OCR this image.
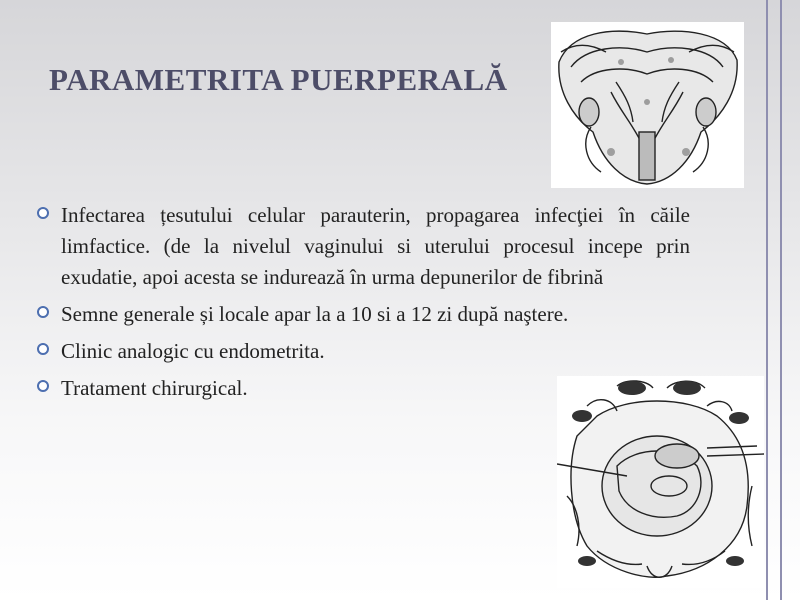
PARAMETRITA PUERPERALĂ
Infectarea țesutului celular parauterin, propagarea infecţiei în căile limfactice. (de la nivelul vaginului si uterului procesul incepe prin exudatie, apoi acesta se indurează în urma depunerilor de fibrină
Semne generale și locale apar la a 10 si a 12 zi după naştere.
Clinic analogic cu endometrita.
Tratament chirurgical.
